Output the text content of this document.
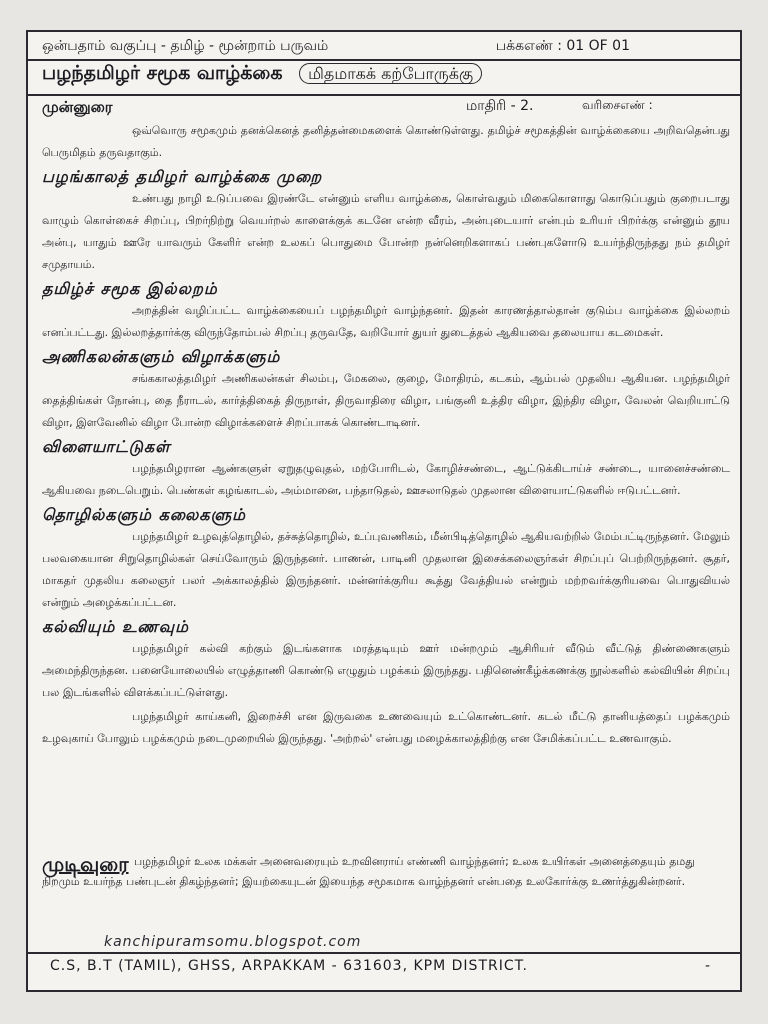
ஒன்பதாம் வகுப்பு - தமிழ் - மூன்றாம் பருவம்	பக்கஎண் : 01 OF 01
பழந்தமிழர் சமூக வாழ்க்கை மிதமாகக் கற்போருக்கு
முன்னுரை	மாதிரி - 2.	வரிசைஎண் :

ஒவ்வொரு சமூகமும் தனக்கெனத் தனித்தன்மைகளைக் கொண்டுள்ளது. தமிழ்ச் சமூகத்தின் வாழ்க்கையை அறிவதென்பது பெருமிதம் தருவதாகும்.

பழங்காலத் தமிழர் வாழ்க்கை முறை

உண்பது நாழி உடுப்பவை இரண்டே என்னும் எளிய வாழ்க்கை, கொள்வதும் மிகைகொளாது கொடுப்பதும் குறைபடாது வாழும் கொள்கைச் சிறப்பு, பிறர்நிற்று வெயர்றல் காளைக்குக் கடனே என்ற வீரம், அன்புடையார் என்பும் உரியர் பிறர்க்கு என்னும் தூய அன்பு, யாதும் ஊரே யாவரும் கேளிர் என்ற உலகப் பொதுமை போன்ற நன்னெறிகளாகப் பண்புகளோடு உயர்ந்திருந்தது நம் தமிழர் சமுதாயம்.

தமிழ்ச் சமூக இல்லறம்

அறத்தின் வழிப்பட்ட வாழ்க்கையைப் பழந்தமிழர் வாழ்ந்தனர். இதன் காரணத்தால்தான் குடும்ப வாழ்க்கை இல்லறம் எனப்பட்டது. இல்லறத்தார்க்கு விருந்தோம்பல் சிறப்பு தருவதே, வறியோர் துயர் துடைத்தல் ஆகியவை தலையாய கடமைகள்.

அணிகலன்களும் விழாக்களும்

சங்ககாலத்தமிழர் அணிகலன்கள் சிலம்பு, மேகலை, குழை, மோதிரம், கடகம், ஆம்பல் முதலிய ஆகியன. பழந்தமிழர் தைத்திங்கள் நோன்பு, தை நீராடல், கார்த்திகைத் திருநாள், திருவாதிரை விழா, பங்குனி உத்திர விழா, இந்திர விழா, வேலன் வெறியாட்டு விழா, இளவேனில் விழா போன்ற விழாக்களைச் சிறப்பாகக் கொண்டாடினர்.

விளையாட்டுகள்

பழந்தமிழரான ஆண்களுள் ஏறுதழுவுதல், மற்போரிடல், கோழிச்சண்டை, ஆட்டுக்கிடாய்ச் சண்டை, யானைச்சண்டை ஆகியவை நடைபெறும். பெண்கள் கழங்காடல், அம்மானை, பந்தாடுதல், ஊசலாடுதல் முதலான விளையாட்டுகளில் ஈடுபட்டனர்.

தொழில்களும் கலைகளும்

பழந்தமிழர் உழவுத்தொழில், தச்சுத்தொழில், உப்புவணிகம், மீன்பிடித்தொழில் ஆகியவற்றில் மேம்பட்டிருந்தனர். மேலும் பலவகையான சிறுதொழில்கள் செய்வோரும் இருந்தனர். பாணன், பாடினி முதலான இசைக்கலைஞர்கள் சிறப்புப் பெற்றிருந்தனர். சூதர், மாகதர் முதலிய கலைஞர் பலர் அக்காலத்தில் இருந்தனர். மன்னர்க்குரிய கூத்து வேத்தியல் என்றும் மற்றவர்க்குரியவை பொதுவியல் என்றும் அழைக்கப்பட்டன.

கல்வியும் உணவும்

பழந்தமிழர் கல்வி கற்கும் இடங்களாக மரத்தடியும் ஊர் மன்றமும் ஆசிரியர் வீடும் வீட்டுத் திண்ணைகளும் அமைந்திருந்தன. பனையோலையில் எழுத்தாணி கொண்டு எழுதும் பழக்கம் இருந்தது. பதினெண்கீழ்க்கணக்கு நூல்களில் கல்வியின் சிறப்பு பல இடங்களில் விளக்கப்பட்டுள்ளது.

பழந்தமிழர் காய்கனி, இறைச்சி என இருவகை உணவையும் உட்கொண்டனர். கடல் மீட்டு தானியத்தைப் பழக்கமும் உழவுகாய் போலும் பழக்கமும் நடைமுறையில் இருந்தது. 'அற்றல்' என்பது மழைக்காலத்திற்கு என சேமிக்கப்பட்ட உணவாகும்.

முடிவுரை பழந்தமிழர் உலக மக்கள் அனைவரையும் உறவினராய் எண்ணி வாழ்ந்தனர்; உலக உயிர்கள் அனைத்தையும் தமது நிறமும் உயர்ந்த பண்புடன் திகழ்ந்தனர்; இயற்கையுடன் இயைந்த சமூகமாக வாழ்ந்தனர் என்பதை உலகோர்க்கு உணர்த்துகின்றனர்.

kanchipuramsomu.blogspot.com
C.S, B.T (TAMIL), GHSS, ARPAKKAM - 631603, KPM DISTRICT.	-
